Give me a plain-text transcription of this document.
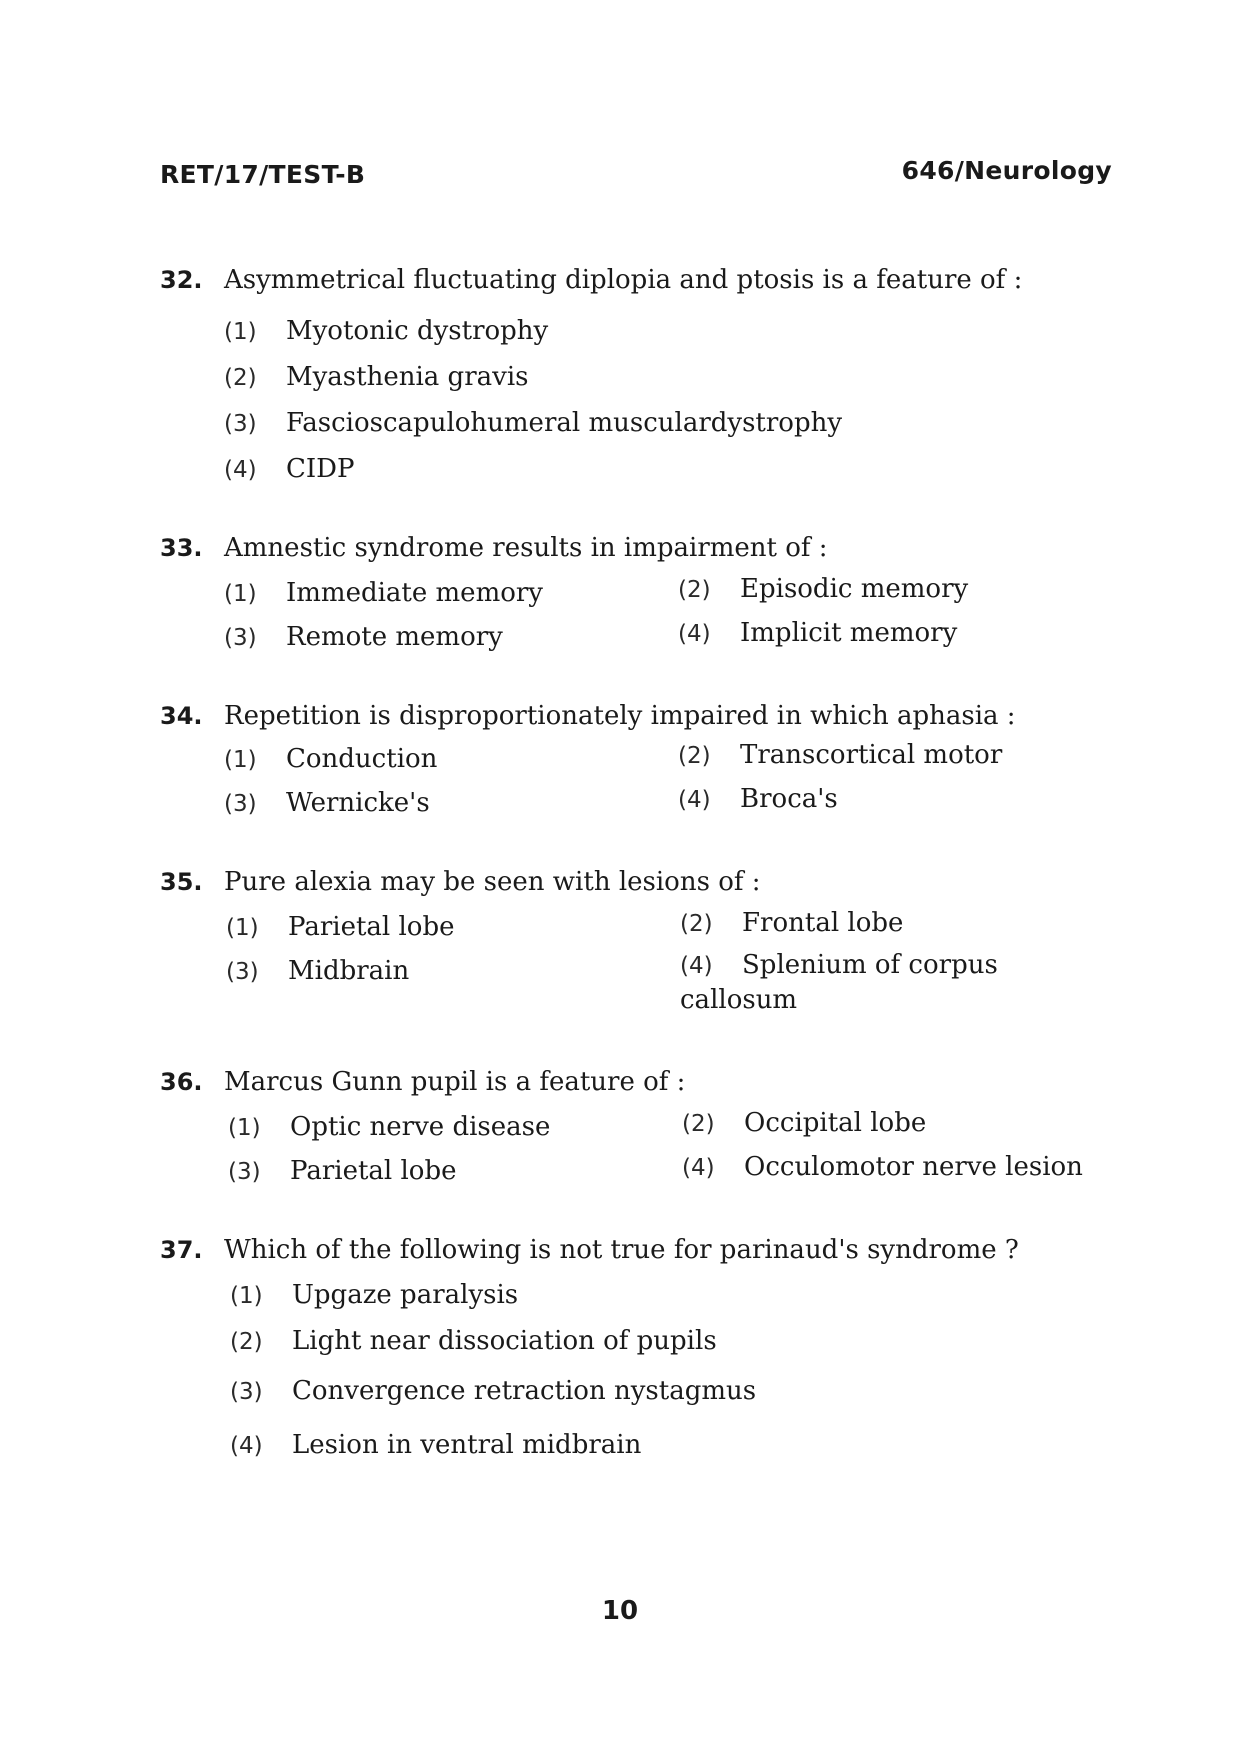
RET/17/TEST-B	646/Neurology
32. Asymmetrical fluctuating diplopia and ptosis is a feature of :
(1) Myotonic dystrophy
(2) Myasthenia gravis
(3) Fascioscapulohumeral musculardystrophy
(4) CIDP
33. Amnestic syndrome results in impairment of :
(1) Immediate memory	(2) Episodic memory
(3) Remote memory	(4) Implicit memory
34. Repetition is disproportionately impaired in which aphasia :
(1) Conduction	(2) Transcortical motor
(3) Wernicke's	(4) Broca's
35. Pure alexia may be seen with lesions of :
(1) Parietal lobe	(2) Frontal lobe
(3) Midbrain	(4) Splenium of corpus callosum
36. Marcus Gunn pupil is a feature of :
(1) Optic nerve disease	(2) Occipital lobe
(3) Parietal lobe	(4) Occulomotor nerve lesion
37. Which of the following is not true for parinaud's syndrome ?
(1) Upgaze paralysis
(2) Light near dissociation of pupils
(3) Convergence retraction nystagmus
(4) Lesion in ventral midbrain
10
